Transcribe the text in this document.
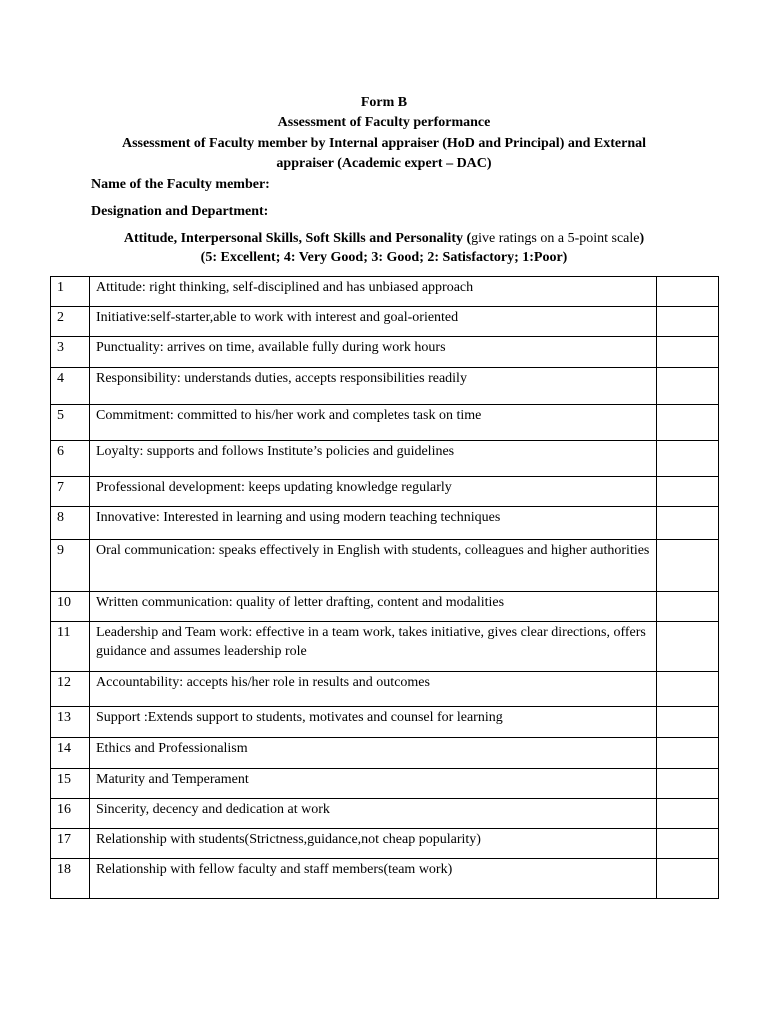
Form B
Assessment of Faculty performance
Assessment of Faculty member by Internal appraiser (HoD and Principal) and External
appraiser (Academic expert – DAC)
Name of the Faculty member:
Designation and Department:
Attitude, Interpersonal Skills, Soft Skills and Personality (give ratings on a 5-point scale)
(5: Excellent; 4: Very Good; 3: Good; 2: Satisfactory; 1:Poor)
1	Attitude: right thinking, self-disciplined and has unbiased approach	
2	Initiative:self-starter,able to work with interest and goal-oriented	
3	Punctuality: arrives on time, available fully during work hours	
4	Responsibility: understands duties, accepts responsibilities readily	
5	Commitment: committed to his/her work and completes task on time	
6	Loyalty: supports and follows Institute’s policies and guidelines	
7	Professional development: keeps updating knowledge regularly	
8	Innovative: Interested in learning and using modern teaching techniques	
9	Oral communication: speaks effectively in English with students, colleagues and higher authorities	
10	Written communication: quality of letter drafting, content and modalities	
11	Leadership and Team work: effective in a team work, takes initiative, gives clear directions, offers guidance and assumes leadership role	
12	Accountability: accepts his/her role in results and outcomes	
13	Support :Extends support to students, motivates and counsel for learning	
14	Ethics and Professionalism	
15	Maturity and Temperament	
16	Sincerity, decency and dedication at work	
17	Relationship with students(Strictness,guidance,not cheap popularity)	
18	Relationship with fellow faculty and staff members(team work)	
